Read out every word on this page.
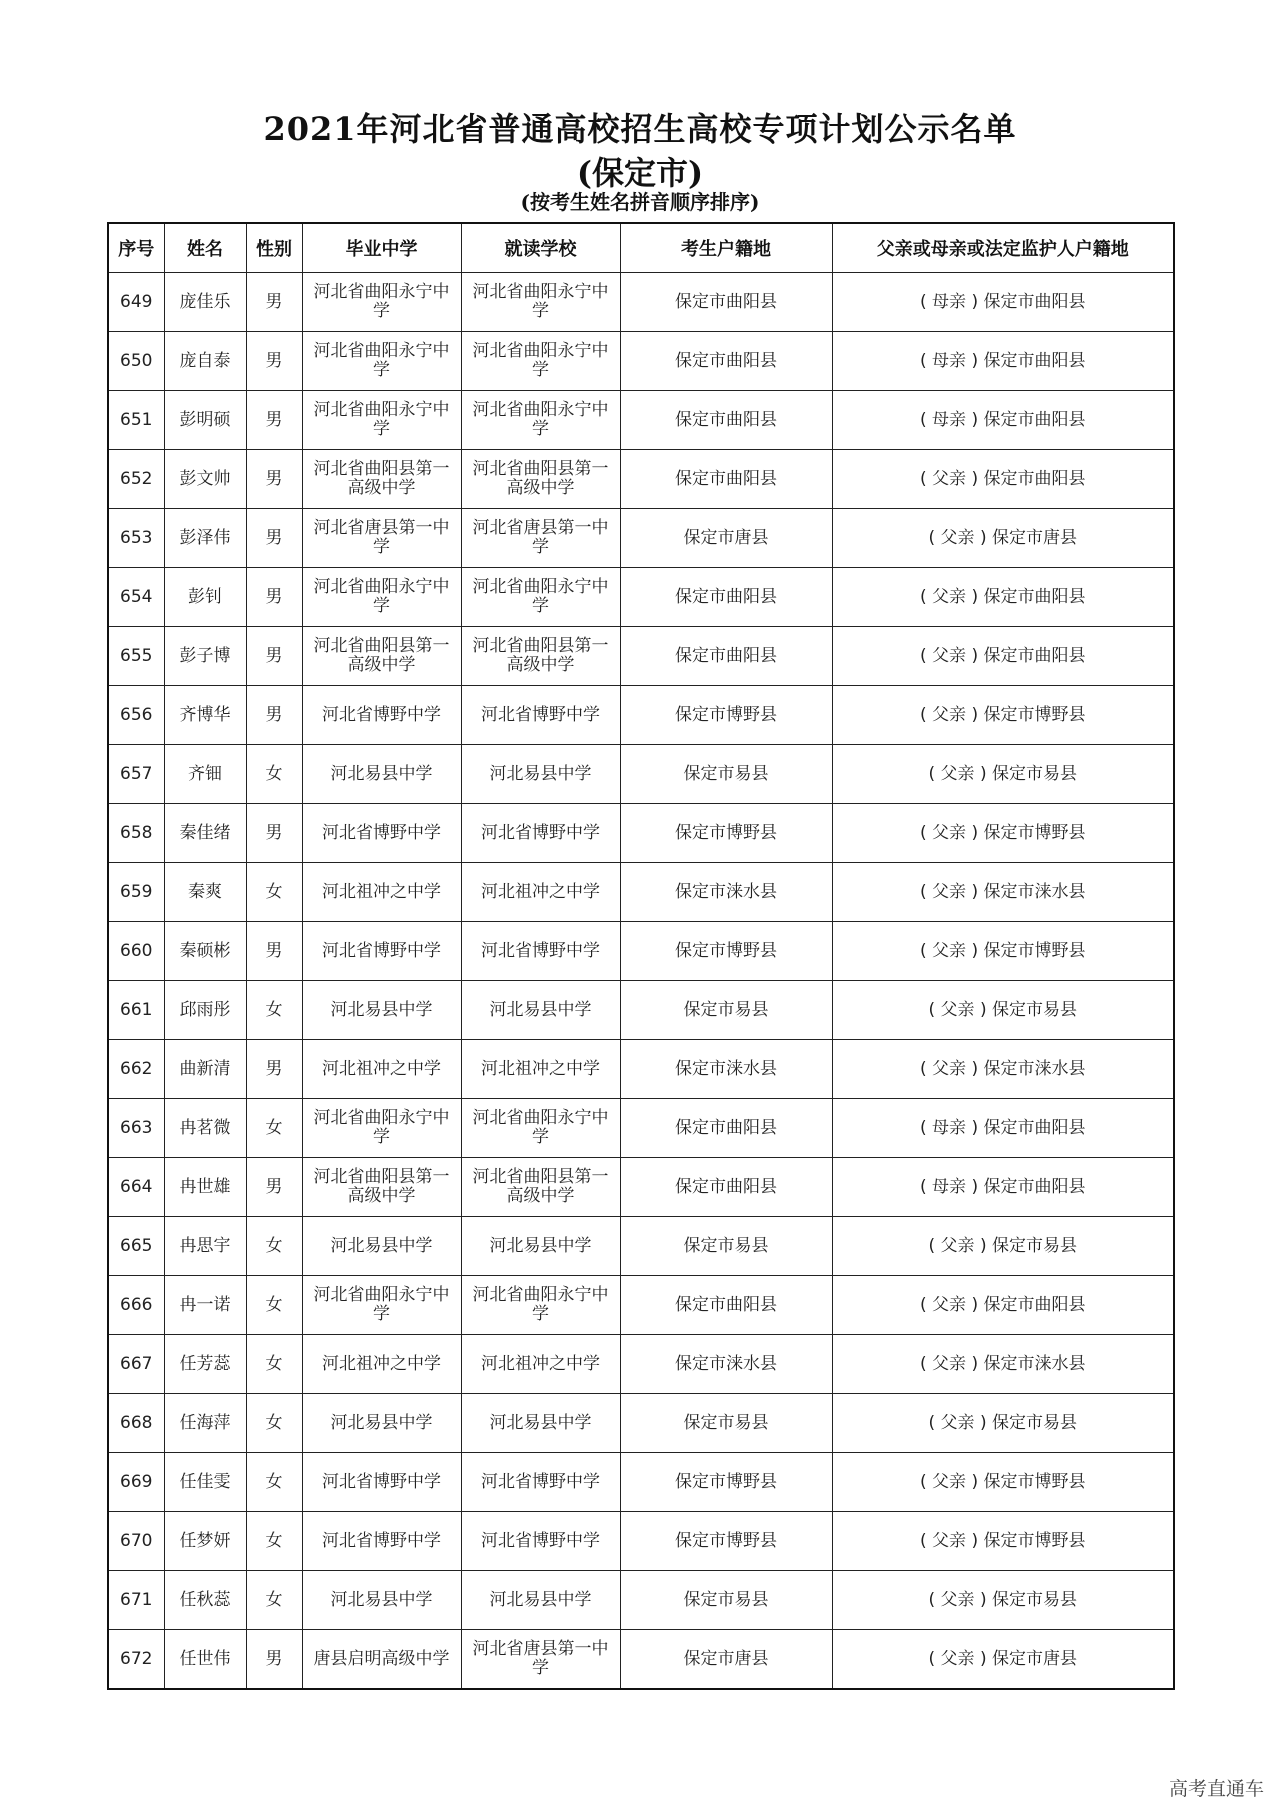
2021年河北省普通高校招生高校专项计划公示名单
(保定市)
(按考生姓名拼音顺序排序)
序号	姓名	性别	毕业中学	就读学校	考生户籍地	父亲或母亲或法定监护人户籍地
649	庞佳乐	男	河北省曲阳永宁中学	河北省曲阳永宁中学	保定市曲阳县	( 母亲 ) 保定市曲阳县
650	庞自泰	男	河北省曲阳永宁中学	河北省曲阳永宁中学	保定市曲阳县	( 母亲 ) 保定市曲阳县
651	彭明硕	男	河北省曲阳永宁中学	河北省曲阳永宁中学	保定市曲阳县	( 母亲 ) 保定市曲阳县
652	彭文帅	男	河北省曲阳县第一高级中学	河北省曲阳县第一高级中学	保定市曲阳县	( 父亲 ) 保定市曲阳县
653	彭泽伟	男	河北省唐县第一中学	河北省唐县第一中学	保定市唐县	( 父亲 ) 保定市唐县
654	彭钊	男	河北省曲阳永宁中学	河北省曲阳永宁中学	保定市曲阳县	( 父亲 ) 保定市曲阳县
655	彭子博	男	河北省曲阳县第一高级中学	河北省曲阳县第一高级中学	保定市曲阳县	( 父亲 ) 保定市曲阳县
656	齐博华	男	河北省博野中学	河北省博野中学	保定市博野县	( 父亲 ) 保定市博野县
657	齐钿	女	河北易县中学	河北易县中学	保定市易县	( 父亲 ) 保定市易县
658	秦佳绪	男	河北省博野中学	河北省博野中学	保定市博野县	( 父亲 ) 保定市博野县
659	秦爽	女	河北祖冲之中学	河北祖冲之中学	保定市涞水县	( 父亲 ) 保定市涞水县
660	秦硕彬	男	河北省博野中学	河北省博野中学	保定市博野县	( 父亲 ) 保定市博野县
661	邱雨彤	女	河北易县中学	河北易县中学	保定市易县	( 父亲 ) 保定市易县
662	曲新清	男	河北祖冲之中学	河北祖冲之中学	保定市涞水县	( 父亲 ) 保定市涞水县
663	冉茗微	女	河北省曲阳永宁中学	河北省曲阳永宁中学	保定市曲阳县	( 母亲 ) 保定市曲阳县
664	冉世雄	男	河北省曲阳县第一高级中学	河北省曲阳县第一高级中学	保定市曲阳县	( 母亲 ) 保定市曲阳县
665	冉思宇	女	河北易县中学	河北易县中学	保定市易县	( 父亲 ) 保定市易县
666	冉一诺	女	河北省曲阳永宁中学	河北省曲阳永宁中学	保定市曲阳县	( 父亲 ) 保定市曲阳县
667	任芳蕊	女	河北祖冲之中学	河北祖冲之中学	保定市涞水县	( 父亲 ) 保定市涞水县
668	任海萍	女	河北易县中学	河北易县中学	保定市易县	( 父亲 ) 保定市易县
669	任佳雯	女	河北省博野中学	河北省博野中学	保定市博野县	( 父亲 ) 保定市博野县
670	任梦妍	女	河北省博野中学	河北省博野中学	保定市博野县	( 父亲 ) 保定市博野县
671	任秋蕊	女	河北易县中学	河北易县中学	保定市易县	( 父亲 ) 保定市易县
672	任世伟	男	唐县启明高级中学	河北省唐县第一中学	保定市唐县	( 父亲 ) 保定市唐县
高考直通车
